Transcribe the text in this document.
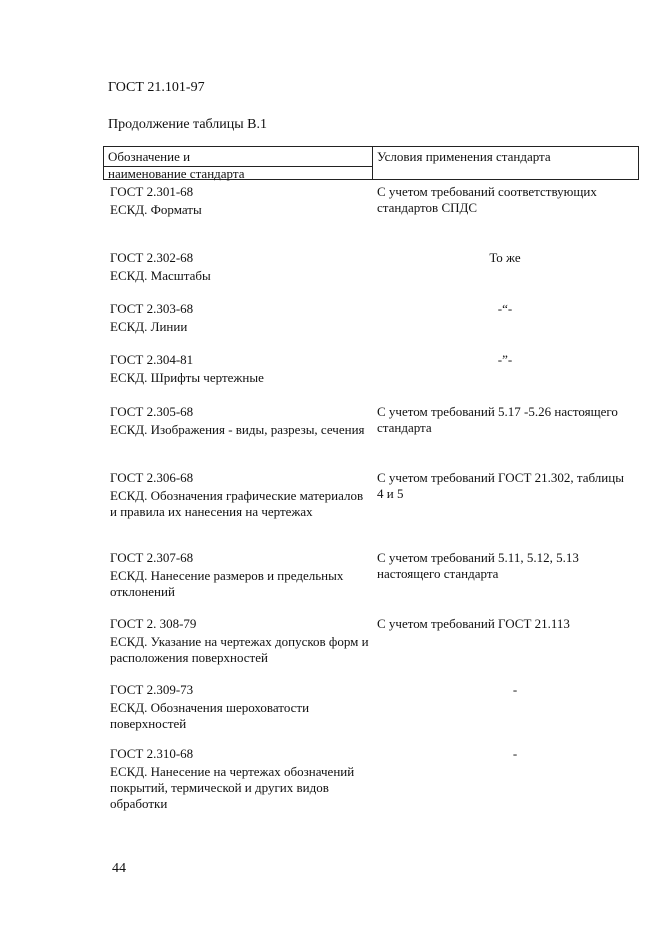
ГОСТ 21.101-97
Продолжение таблицы В.1
Обозначение и
наименование стандарта
Условия применения стандарта
ГОСТ 2.301-68
ЕСКД. Форматы
С учетом требований соответствующих стандартов СПДС
ГОСТ 2.302-68
ЕСКД. Масштабы
То же
ГОСТ 2.303-68
ЕСКД. Линии
-“-
ГОСТ 2.304-81
ЕСКД. Шрифты чертежные
-”-
ГОСТ 2.305-68
ЕСКД. Изображения - виды, разрезы, сечения
С учетом требований 5.17 -5.26 настоящего стандарта
ГОСТ 2.306-68
ЕСКД. Обозначения графические материалов и правила их нанесения на чертежах
С учетом требований ГОСТ 21.302, таблицы 4 и 5
ГОСТ 2.307-68
ЕСКД. Нанесение размеров и предельных отклонений
С учетом требований 5.11, 5.12, 5.13 настоящего стандарта
ГОСТ 2. 308-79
ЕСКД. Указание на чертежах допусков форм и расположения поверхностей
С учетом требований ГОСТ 21.113
ГОСТ 2.309-73
ЕСКД. Обозначения шероховатости поверхностей
-
ГОСТ 2.310-68
ЕСКД. Нанесение на чертежах обозначений покрытий, термической и других видов обработки
-
44
